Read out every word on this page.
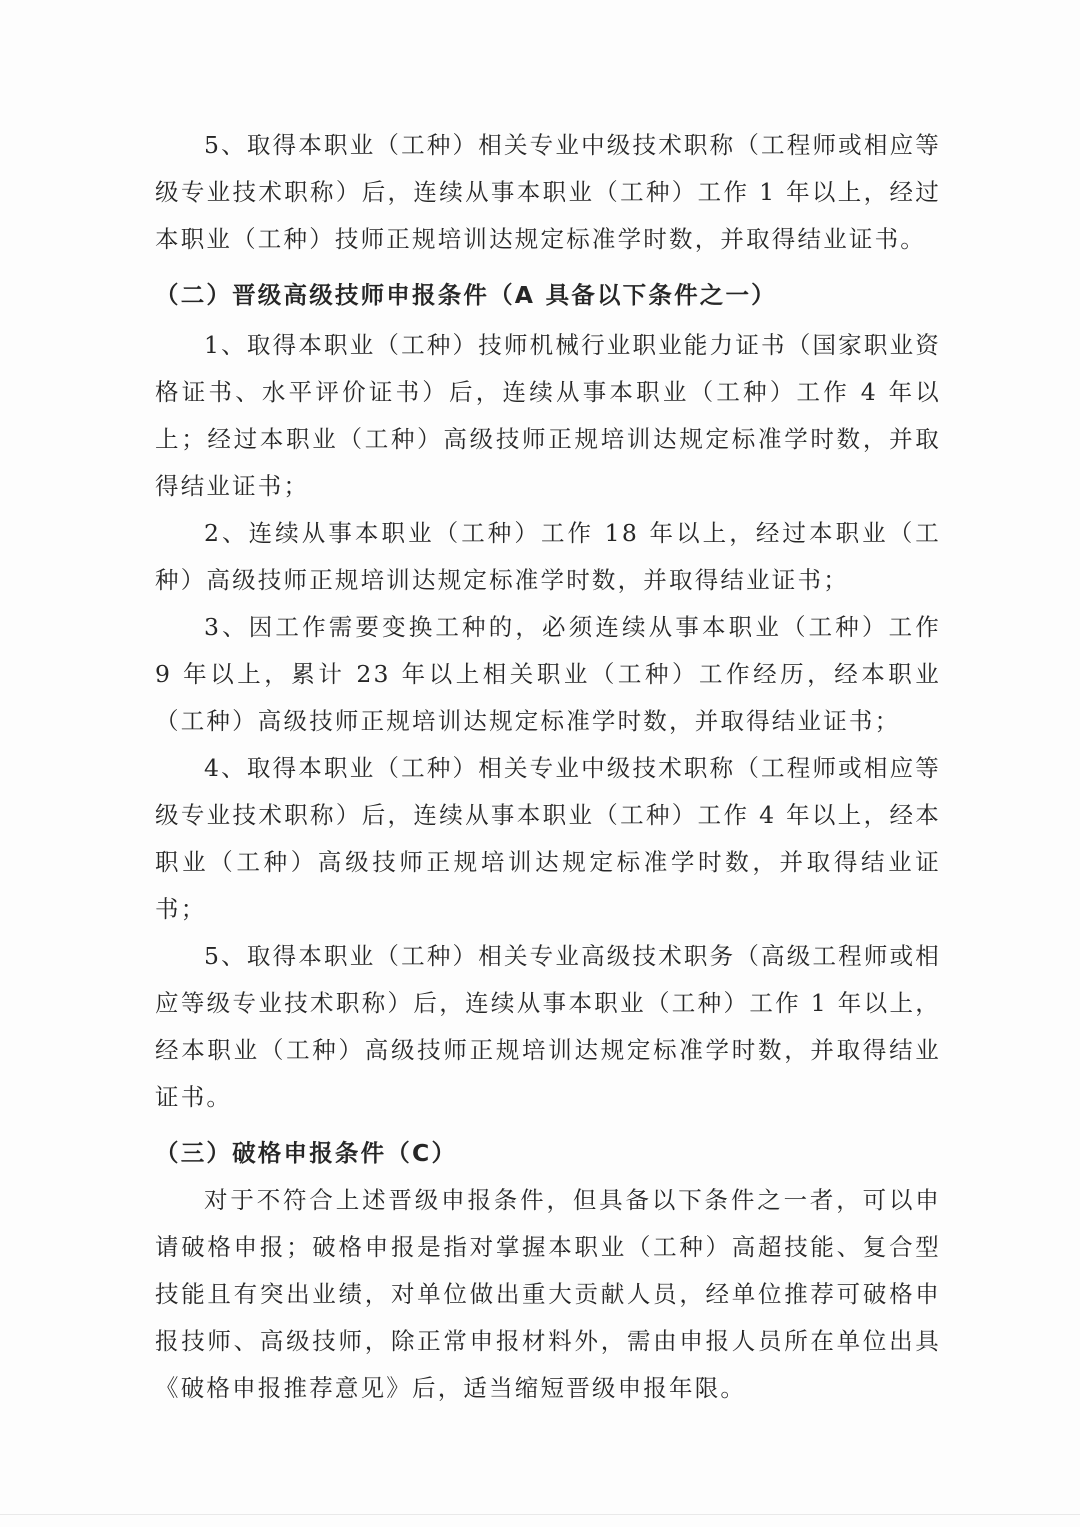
5、取得本职业（工种）相关专业中级技术职称（工程师或相应等级专业技术职称）后，连续从事本职业（工种）工作 1 年以上，经过本职业（工种）技师正规培训达规定标准学时数，并取得结业证书。

（二）晋级高级技师申报条件（A 具备以下条件之一）

1、取得本职业（工种）技师机械行业职业能力证书（国家职业资格证书、水平评价证书）后，连续从事本职业（工种）工作 4 年以上；经过本职业（工种）高级技师正规培训达规定标准学时数，并取得结业证书；

2、连续从事本职业（工种）工作 18 年以上，经过本职业（工种）高级技师正规培训达规定标准学时数，并取得结业证书；

3、因工作需要变换工种的，必须连续从事本职业（工种）工作 9 年以上，累计 23 年以上相关职业（工种）工作经历，经本职业（工种）高级技师正规培训达规定标准学时数，并取得结业证书；

4、取得本职业（工种）相关专业中级技术职称（工程师或相应等级专业技术职称）后，连续从事本职业（工种）工作 4 年以上，经本职业（工种）高级技师正规培训达规定标准学时数，并取得结业证书；

5、取得本职业（工种）相关专业高级技术职务（高级工程师或相应等级专业技术职称）后，连续从事本职业（工种）工作 1 年以上，经本职业（工种）高级技师正规培训达规定标准学时数，并取得结业证书。

（三）破格申报条件（C）

对于不符合上述晋级申报条件，但具备以下条件之一者，可以申请破格申报；破格申报是指对掌握本职业（工种）高超技能、复合型技能且有突出业绩，对单位做出重大贡献人员，经单位推荐可破格申报技师、高级技师，除正常申报材料外，需由申报人员所在单位出具《破格申报推荐意见》后，适当缩短晋级申报年限。
